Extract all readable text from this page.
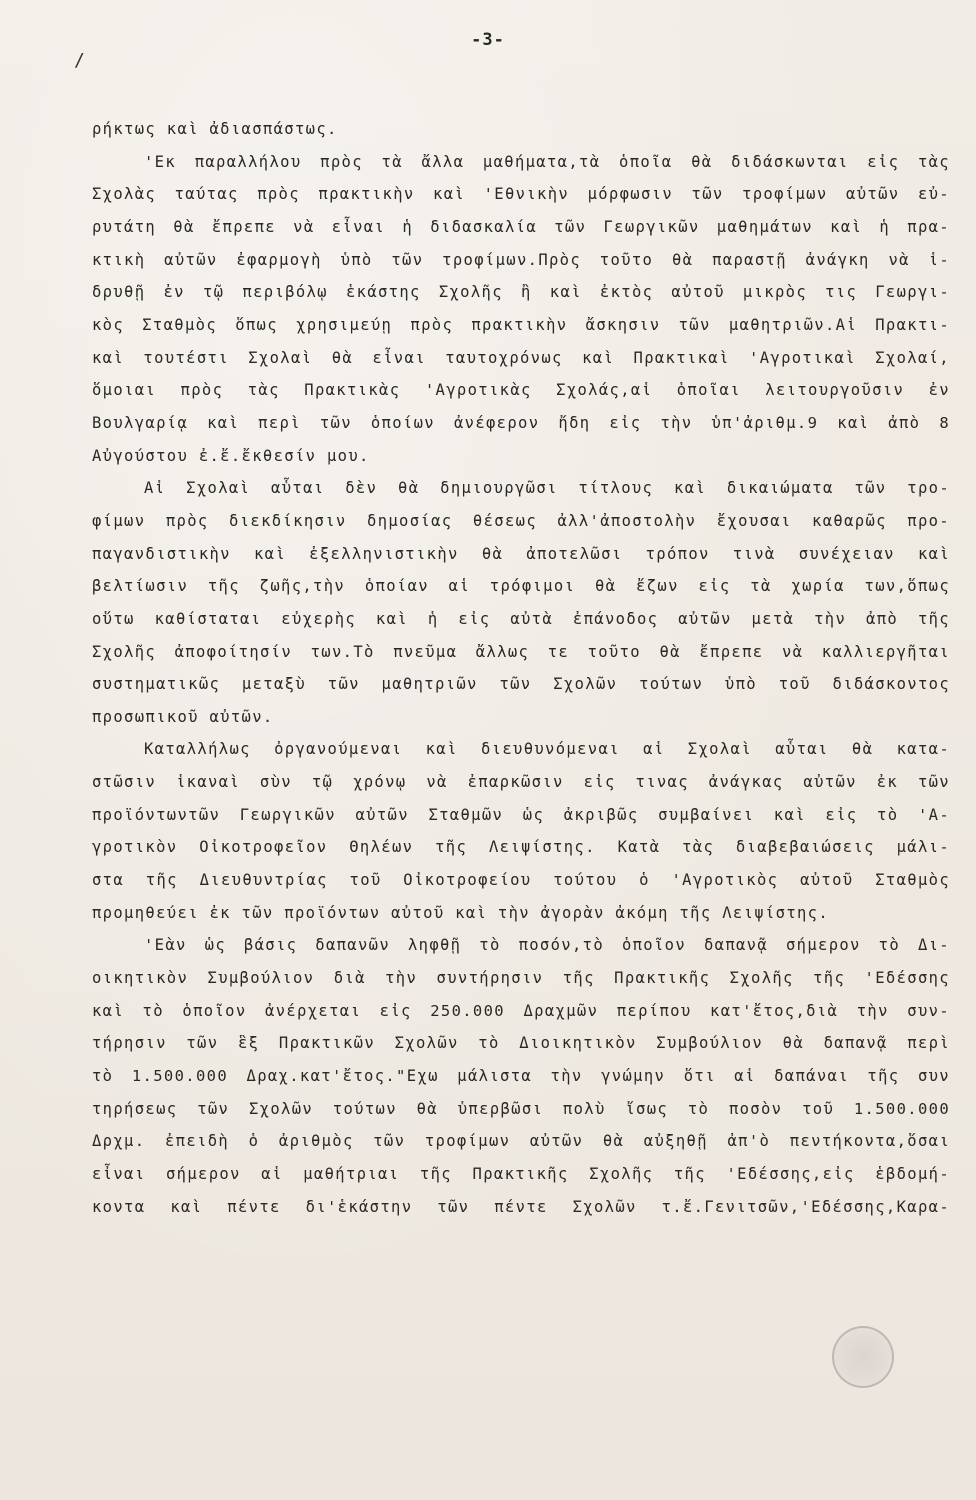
-3-
/
ρήκτως καὶ ἀδιασπάστως.
'Εκ παραλλήλου πρὸς τὰ ἄλλα μαθήματα,τὰ ὁποῖα θὰ διδάσκωνται εἰς τὰς
Σχολὰς ταύτας πρὸς πρακτικὴν καὶ 'Εθνικὴν μόρφωσιν τῶν τροφίμων αὐτῶν εὐ-
ρυτάτη θὰ ἔπρεπε νὰ εἶναι ἡ διδασκαλία τῶν Γεωργικῶν μαθημάτων καὶ ἡ πρα-
κτικὴ αὐτῶν ἐφαρμογὴ ὑπὸ τῶν τροφίμων.Πρὸς τοῦτο θὰ παραστῇ ἀνάγκη νὰ ἱ-
δρυθῇ ἐν τῷ περιβόλῳ ἑκάστης Σχολῆς ἢ καὶ ἐκτὸς αὐτοῦ μικρὸς τις Γεωργι-
κὸς Σταθμὸς ὅπως χρησιμεύῃ πρὸς πρακτικὴν ἄσκησιν τῶν μαθητριῶν.Αἱ Πρακτι-
καὶ τουτέστι Σχολαὶ θὰ εἶναι ταυτοχρόνως καὶ Πρακτικαὶ 'Αγροτικαὶ Σχολαί,
ὅμοιαι πρὸς τὰς Πρακτικὰς 'Αγροτικὰς Σχολάς,αἱ ὁποῖαι λειτουργοῦσιν ἐν
Βουλγαρίᾳ καὶ περὶ τῶν ὁποίων ἀνέφερον ἤδη εἰς τὴν ὑπ'ἀριθμ.9 καὶ ἀπὸ 8
Αὐγούστου ἐ.ἔ.ἔκθεσίν μου.
Αἱ Σχολαὶ αὗται δὲν θὰ δημιουργῶσι τίτλους καὶ δικαιώματα τῶν τρο-
φίμων πρὸς διεκδίκησιν δημοσίας θέσεως ἀλλ'ἀποστολὴν ἔχουσαι καθαρῶς προ-
παγανδιστικὴν καὶ ἐξελληνιστικὴν θὰ ἀποτελῶσι τρόπον τινὰ συνέχειαν καὶ
βελτίωσιν τῆς ζωῆς,τὴν ὁποίαν αἱ τρόφιμοι θὰ ἔζων εἰς τὰ χωρία των,ὅπως
οὕτω καθίσταται εὐχερὴς καὶ ἡ εἰς αὐτὰ ἐπάνοδος αὐτῶν μετὰ τὴν ἀπὸ τῆς
Σχολῆς ἀποφοίτησίν των.Τὸ πνεῦμα ἄλλως τε τοῦτο θὰ ἔπρεπε νὰ καλλιεργῆται
συστηματικῶς μεταξὺ τῶν μαθητριῶν τῶν Σχολῶν τούτων ὑπὸ τοῦ διδάσκοντος
προσωπικοῦ αὐτῶν.
Καταλλήλως ὀργανούμεναι καὶ διευθυνόμεναι αἱ Σχολαὶ αὗται θὰ κατα-
στῶσιν ἱκαναὶ σὺν τῷ χρόνῳ νὰ ἐπαρκῶσιν εἰς τινας ἀνάγκας αὐτῶν ἐκ τῶν
προϊόντωντῶν Γεωργικῶν αὐτῶν Σταθμῶν ὡς ἀκριβῶς συμβαίνει καὶ εἰς τὸ 'Α-
γροτικὸν Οἰκοτροφεῖον Θηλέων τῆς Λειψίστης. Κατὰ τὰς διαβεβαιώσεις μάλι-
στα τῆς Διευθυντρίας τοῦ Οἰκοτροφείου τούτου ὁ 'Αγροτικὸς αὐτοῦ Σταθμὸς
προμηθεύει ἐκ τῶν προϊόντων αὐτοῦ καὶ τὴν ἀγορὰν ἀκόμη τῆς Λειψίστης.
'Εὰν ὡς βάσις δαπανῶν ληφθῇ τὸ ποσόν,τὸ ὁποῖον δαπανᾷ σήμερον τὸ Δι-
οικητικὸν Συμβούλιον διὰ τὴν συντήρησιν τῆς Πρακτικῆς Σχολῆς τῆς 'Εδέσσης
καὶ τὸ ὁποῖον ἀνέρχεται εἰς 250.000 Δραχμῶν περίπου κατ'ἔτος,διὰ τὴν συν-
τήρησιν τῶν ἓξ Πρακτικῶν Σχολῶν τὸ Διοικητικὸν Συμβούλιον θὰ δαπανᾷ περὶ
τὸ 1.500.000 Δραχ.κατ'ἔτος."Εχω μάλιστα τὴν γνώμην ὅτι αἱ δαπάναι τῆς συν
τηρήσεως τῶν Σχολῶν τούτων θὰ ὑπερβῶσι πολὺ ἴσως τὸ ποσὸν τοῦ 1.500.000
Δρχμ. ἐπειδὴ ὁ ἀριθμὸς τῶν τροφίμων αὐτῶν θὰ αὐξηθῇ ἀπ'ὸ πεντήκοντα,ὅσαι
εἶναι σήμερον αἱ μαθήτριαι τῆς Πρακτικῆς Σχολῆς τῆς 'Εδέσσης,εἰς ἑβδομή-
κοντα καὶ πέντε δι'ἑκάστην τῶν πέντε Σχολῶν τ.ἔ.Γενιτσῶν,'Εδέσσης,Καρα-
